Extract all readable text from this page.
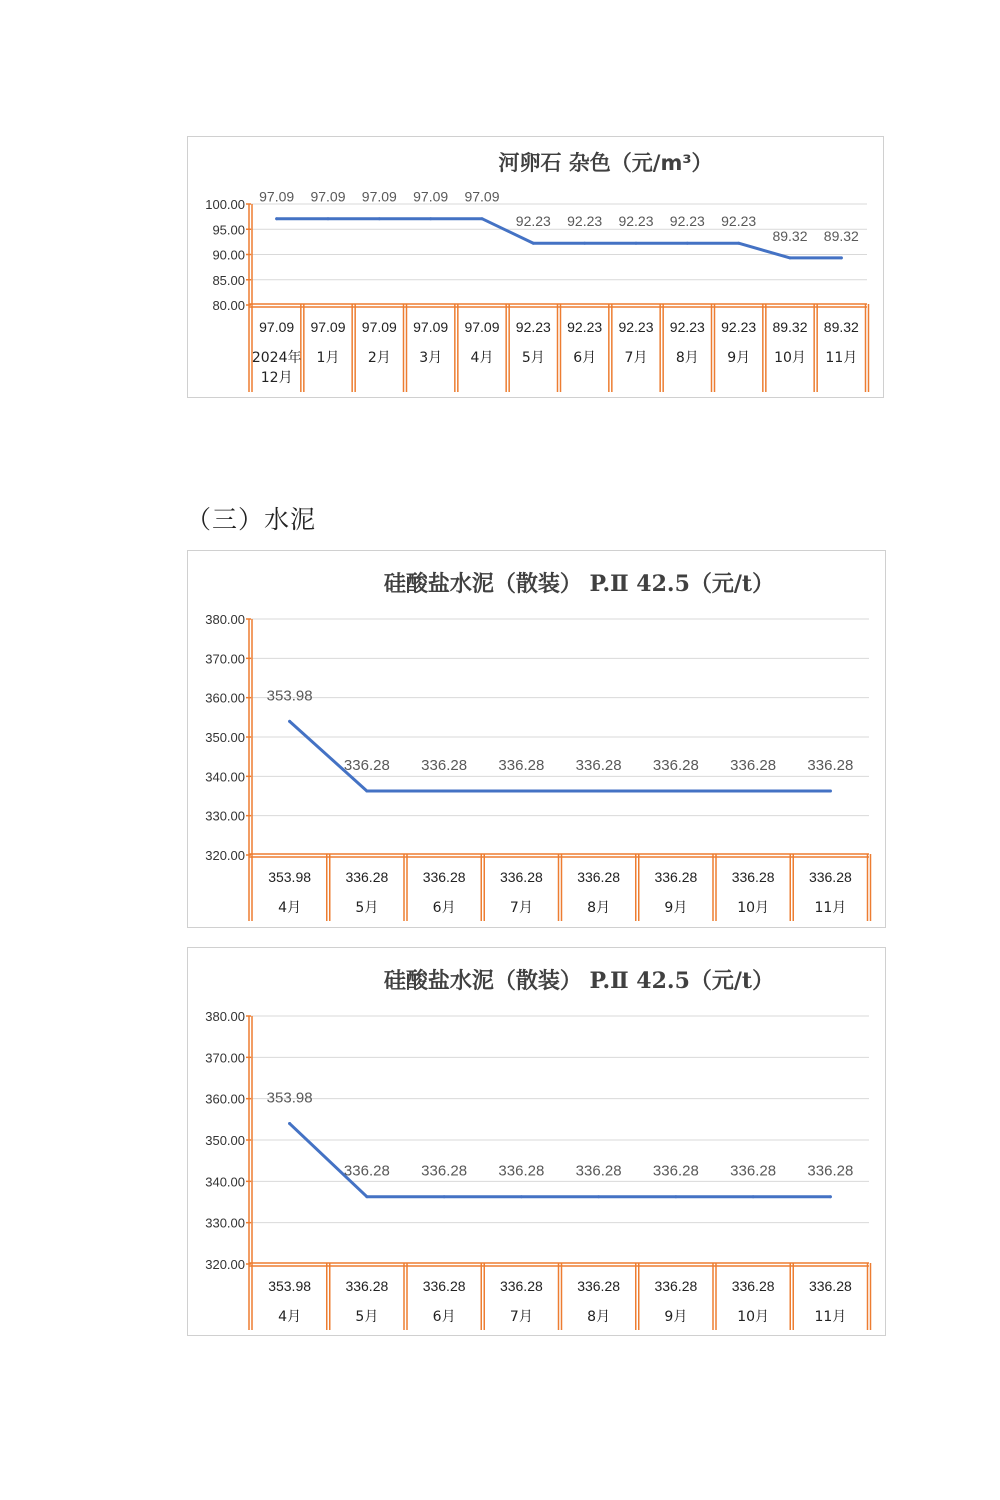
河卵石 杂色（元/m³）
100.00
95.00
90.00
85.00
80.00
97.09
2024年
12月
97.09
1月
97.09
2月
97.09
3月
97.09
4月
92.23
5月
92.23
6月
92.23
7月
92.23
8月
92.23
9月
89.32
10月
89.32
11月
97.09 97.09 97.09 97.09 97.09
92.23 92.23 92.23 92.23 92.23
89.32 89.32
（三）水泥
硅酸盐水泥（散装） P.Ⅱ 42.5（元/t）
380.00
370.00
360.00
350.00
340.00
330.00
320.00
353.98
4月
336.28
5月
336.28
6月
336.28
7月
336.28
8月
336.28
9月
336.28
10月
336.28
11月
353.98
336.28 336.28 336.28 336.28 336.28 336.28 336.28
硅酸盐水泥（散装） P.Ⅱ 42.5（元/t）
380.00
370.00
360.00
350.00
340.00
330.00
320.00
353.98
4月
336.28
5月
336.28
6月
336.28
7月
336.28
8月
336.28
9月
336.28
10月
336.28
11月
353.98
336.28 336.28 336.28 336.28 336.28 336.28 336.28
